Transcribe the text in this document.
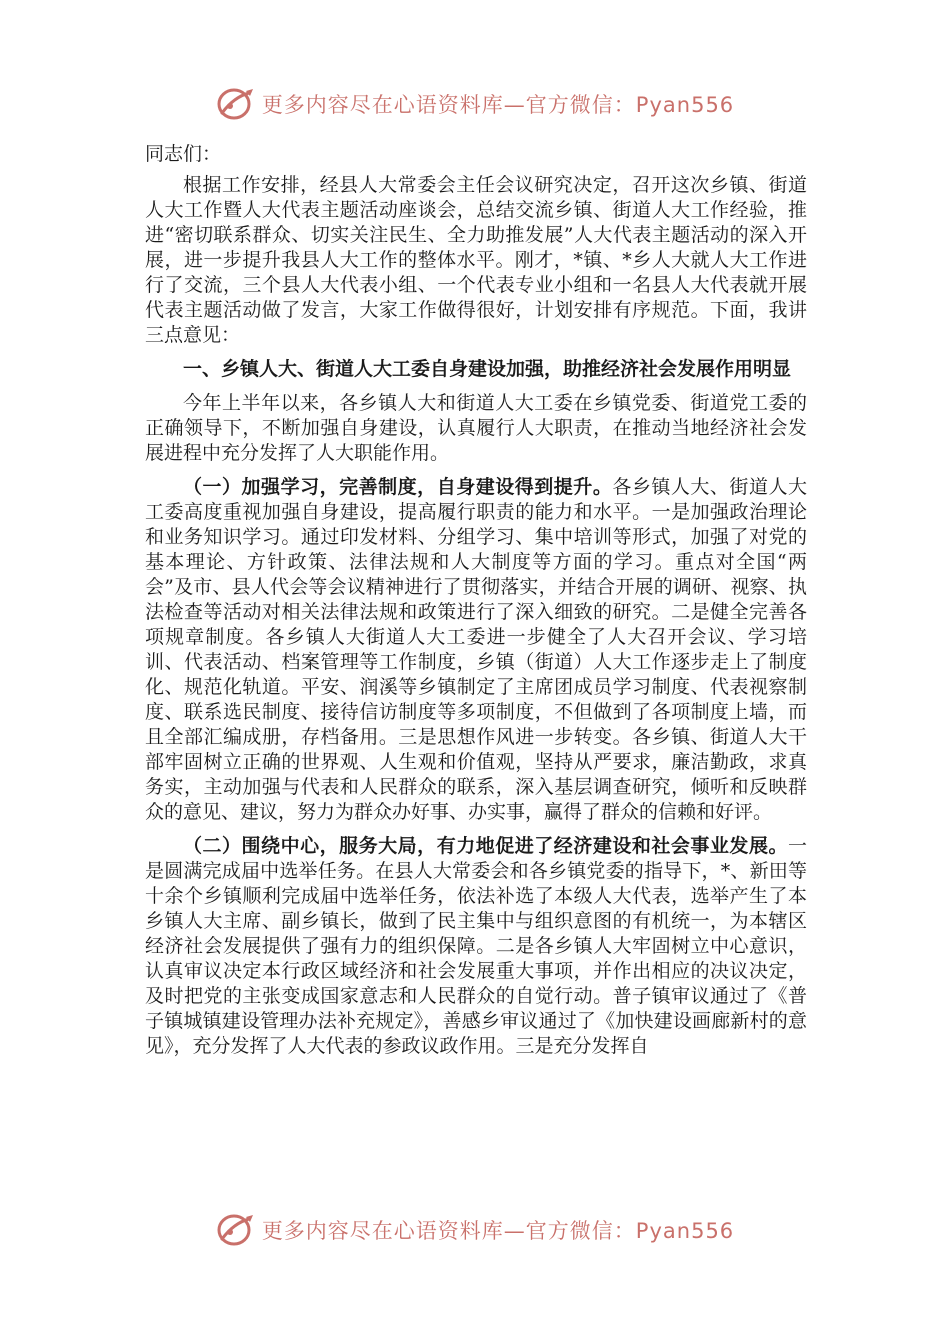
更多内容尽在心语资料库—官方微信：Pyan556

同志们：

根据工作安排，经县人大常委会主任会议研究决定，召开这次乡镇、街道人大工作暨人大代表主题活动座谈会，总结交流乡镇、街道人大工作经验，推进“密切联系群众、切实关注民生、全力助推发展”人大代表主题活动的深入开展，进一步提升我县人大工作的整体水平。刚才，*镇、*乡人大就人大工作进行了交流，三个县人大代表小组、一个代表专业小组和一名县人大代表就开展代表主题活动做了发言，大家工作做得很好，计划安排有序规范。下面，我讲三点意见：

一、乡镇人大、街道人大工委自身建设加强，助推经济社会发展作用明显

今年上半年以来，各乡镇人大和街道人大工委在乡镇党委、街道党工委的正确领导下，不断加强自身建设，认真履行人大职责，在推动当地经济社会发展进程中充分发挥了人大职能作用。

（一）加强学习，完善制度，自身建设得到提升。各乡镇人大、街道人大工委高度重视加强自身建设，提高履行职责的能力和水平。一是加强政治理论和业务知识学习。通过印发材料、分组学习、集中培训等形式，加强了对党的基本理论、方针政策、法律法规和人大制度等方面的学习。重点对全国“两会”及市、县人代会等会议精神进行了贯彻落实，并结合开展的调研、视察、执法检查等活动对相关法律法规和政策进行了深入细致的研究。二是健全完善各项规章制度。各乡镇人大街道人大工委进一步健全了人大召开会议、学习培训、代表活动、档案管理等工作制度，乡镇（街道）人大工作逐步走上了制度化、规范化轨道。平安、润溪等乡镇制定了主席团成员学习制度、代表视察制度、联系选民制度、接待信访制度等多项制度，不但做到了各项制度上墙，而且全部汇编成册，存档备用。三是思想作风进一步转变。各乡镇、街道人大干部牢固树立正确的世界观、人生观和价值观，坚持从严要求，廉洁勤政，求真务实，主动加强与代表和人民群众的联系，深入基层调查研究，倾听和反映群众的意见、建议，努力为群众办好事、办实事，赢得了群众的信赖和好评。

（二）围绕中心，服务大局，有力地促进了经济建设和社会事业发展。一是圆满完成届中选举任务。在县人大常委会和各乡镇党委的指导下，*、新田等十余个乡镇顺利完成届中选举任务，依法补选了本级人大代表，选举产生了本乡镇人大主席、副乡镇长，做到了民主集中与组织意图的有机统一，为本辖区经济社会发展提供了强有力的组织保障。二是各乡镇人大牢固树立中心意识，认真审议决定本行政区域经济和社会发展重大事项，并作出相应的决议决定，及时把党的主张变成国家意志和人民群众的自觉行动。普子镇审议通过了《普子镇城镇建设管理办法补充规定》，善感乡审议通过了《加快建设画廊新村的意见》，充分发挥了人大代表的参政议政作用。三是充分发挥自

更多内容尽在心语资料库—官方微信：Pyan556
